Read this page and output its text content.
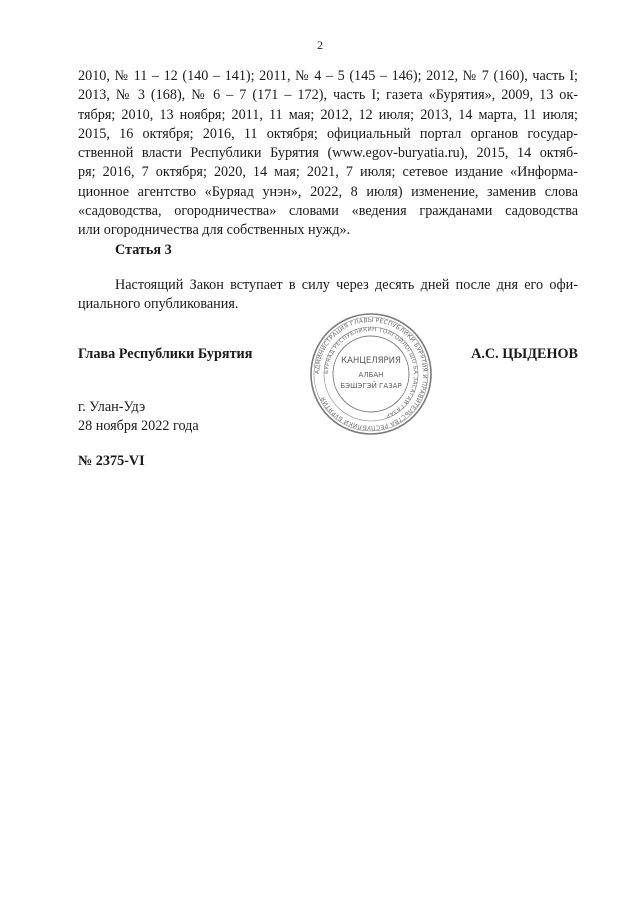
2
2010, № 11 – 12 (140 – 141); 2011, № 4 – 5 (145 – 146); 2012, № 7 (160), часть I;
2013, № 3 (168), № 6 – 7 (171 – 172), часть I; газета «Бурятия», 2009, 13 ок-
тября; 2010, 13 ноября; 2011, 11 мая; 2012, 12 июля; 2013, 14 марта, 11 июля;
2015, 16 октября; 2016, 11 октября; официальный портал органов государ-
ственной власти Республики Бурятия (www.egov-buryatia.ru), 2015, 14 октяб-
ря; 2016, 7 октября; 2020, 14 мая; 2021, 7 июля; сетевое издание «Информа-
ционное агентство «Буряад унэн», 2022, 8 июля) изменение, заменив слова
«садоводства, огородничества» словами «ведения гражданами садоводства
или огородничества для собственных нужд».
Статья 3
Настоящий Закон вступает в силу через десять дней после дня его офи-
циального опубликования.
Глава Республики Бурятия
АДМИНИСТРАЦИЯ ГЛАВЫ РЕСПУБЛИКИ БУРЯТИЯ И ПРАВИТЕЛЬСТВА РЕСПУБЛИКИ БУРЯТИЯ
БУРЯАД РЕСПУБЛИКИН ТОЛГОЙЛОГШО БА ЗАСАГАЙ ГАЗАР
КАНЦЕЛЯРИЯ
АЛБАН
БЭШЭГЭЙ ГАЗАР
А.С. ЦЫДЕНОВ
г. Улан-Удэ
28 ноября 2022 года
№ 2375-VI
